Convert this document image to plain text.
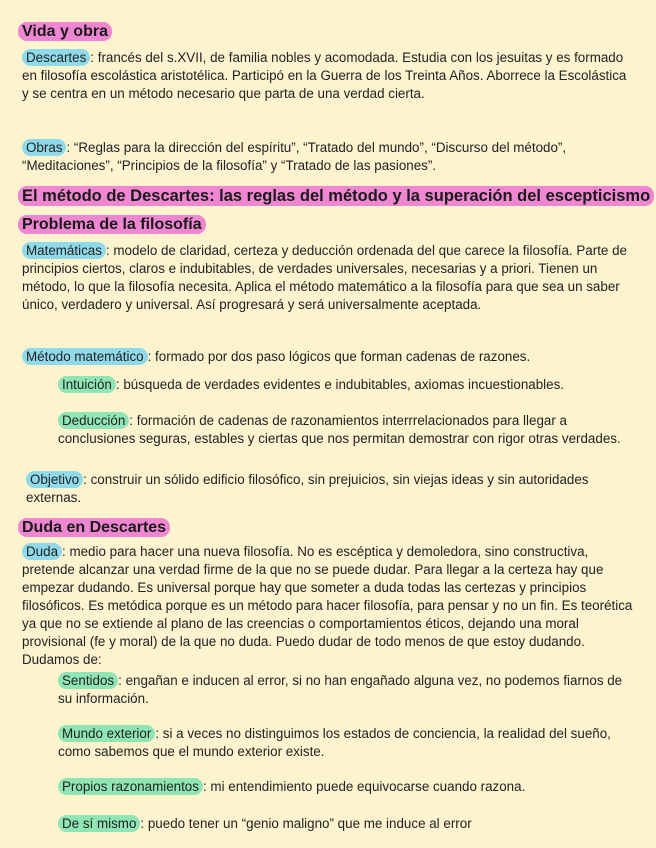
Vida y obra

Descartes : francés del s.XVII, de familia nobles y acomodada. Estudia con los jesuitas y es formado en filosofía escolástica aristotélica. Participó en la Guerra de los Treinta Años. Aborrece la Escolástica y se centra en un método necesario que parta de una verdad cierta.

Obras : “Reglas para la dirección del espíritu”, “Tratado del mundo”, “Discurso del método”, “Meditaciones”, “Principios de la filosofía” y “Tratado de las pasiones”.

El método de Descartes: las reglas del método y la superación del escepticismo
Problema de la filosofía

Matemáticas : modelo de claridad, certeza y deducción ordenada del que carece la filosofía. Parte de principios ciertos, claros e indubitables, de verdades universales, necesarias y a priori. Tienen un método, lo que la filosofía necesita. Aplica el método matemático a la filosofía para que sea un saber único, verdadero y universal. Así progresará y será universalmente aceptada.

Método matemático : formado por dos paso lógicos que forman cadenas de razones.

Intuición : búsqueda de verdades evidentes e indubitables, axiomas incuestionables.

Deducción : formación de cadenas de razonamientos interrrelacionados para llegar a conclusiones seguras, estables y ciertas que nos permitan demostrar con rigor otras verdades.

Objetivo : construir un sólido edificio filosófico, sin prejuicios, sin viejas ideas y sin autoridades externas.

Duda en Descartes

Duda : medio para hacer una nueva filosofía. No es escéptica y demoledora, sino constructiva, pretende alcanzar una verdad firme de la que no se puede dudar. Para llegar a la certeza hay que empezar dudando. Es universal porque hay que someter a duda todas las certezas y principios filosóficos. Es metódica porque es un método para hacer filosofía, para pensar y no un fin. Es teorética ya que no se extiende al plano de las creencias o comportamientos éticos, dejando una moral provisional (fe y moral) de la que no duda. Puedo dudar de todo menos de que estoy dudando. Dudamos de:

Sentidos : engañan e inducen al error, si no han engañado alguna vez, no podemos fiarnos de su información.

Mundo exterior : si a veces no distinguimos los estados de conciencia, la realidad del sueño, como sabemos que el mundo exterior existe.

Propios razonamientos : mi entendimiento puede equivocarse cuando razona.

De sí mismo : puedo tener un “genio maligno” que me induce al error
